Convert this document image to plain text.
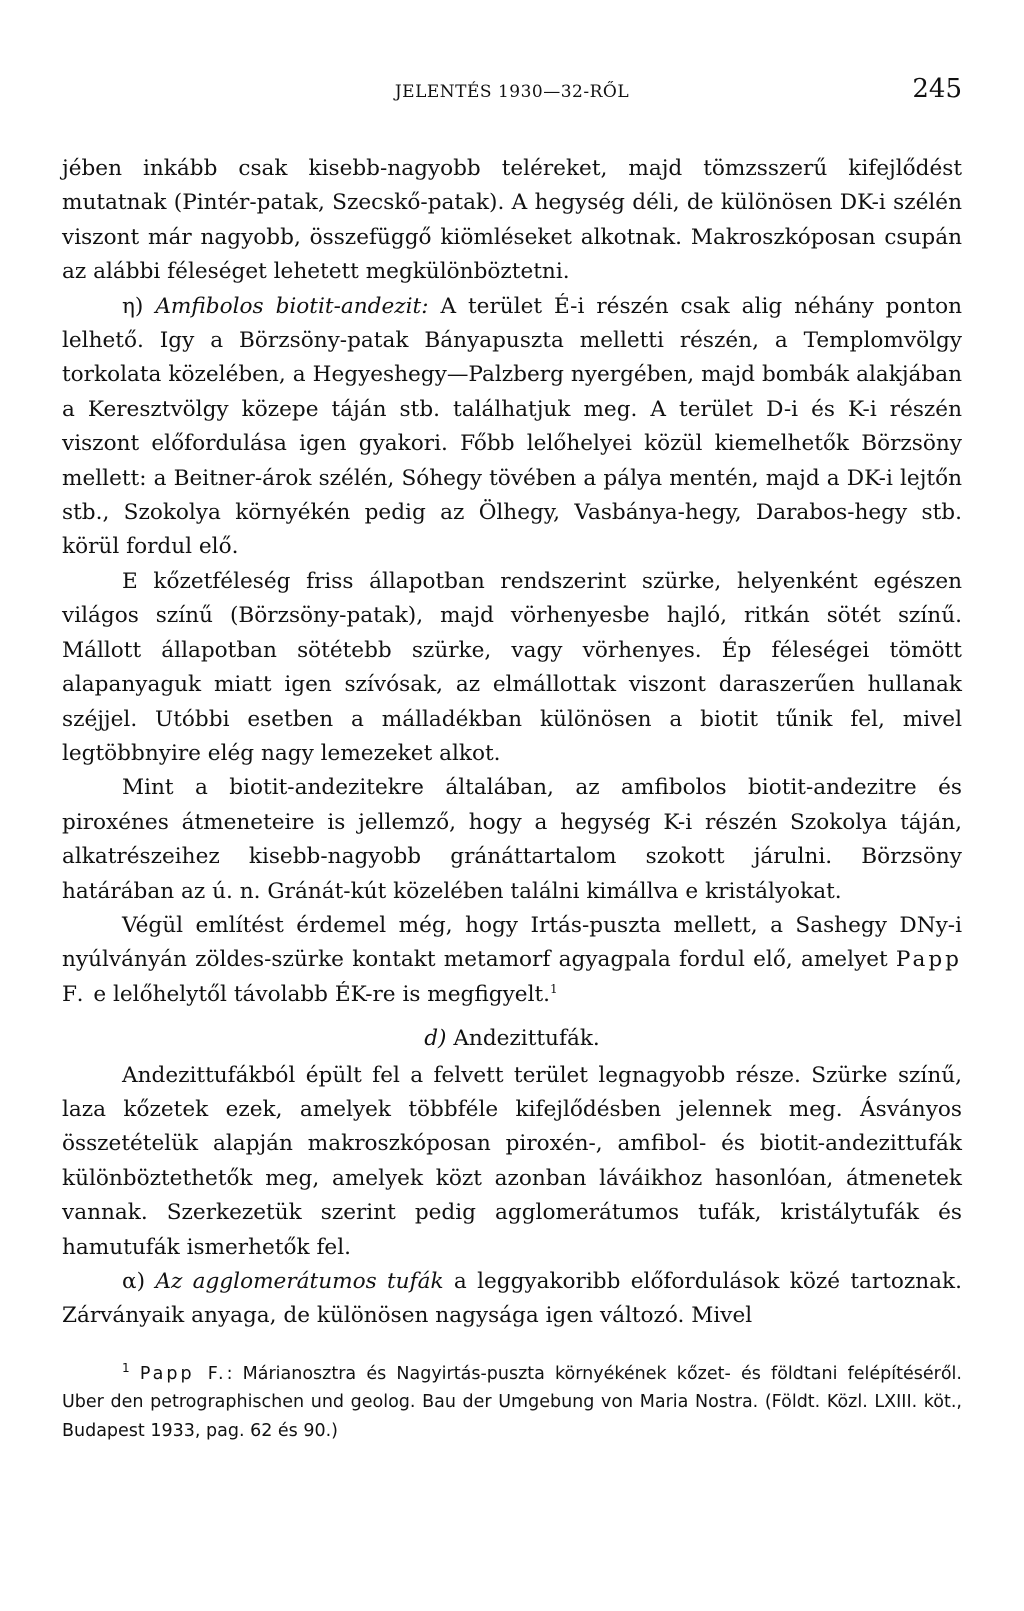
JELENTÉS 1930—32-RŐL	245

jében inkább csak kisebb-nagyobb teléreket, majd tömzsszerű kifejlődést mutatnak (Pintér-patak, Szecskő-patak). A hegység déli, de különösen DK-i szélén viszont már nagyobb, összefüggő kiömléseket alkotnak. Makroszkóposan csupán az alábbi féleséget lehetett megkülönböztetni.

η) Amfibolos biotit-andezit: A terület É-i részén csak alig néhány ponton lelhető. Igy a Börzsöny-patak Bányapuszta melletti részén, a Templomvölgy torkolata közelében, a Hegyeshegy—Palzberg nyergében, majd bombák alakjában a Keresztvölgy közepe táján stb. találhatjuk meg. A terület D-i és K-i részén viszont előfordulása igen gyakori. Főbb lelőhelyei közül kiemelhetők Börzsöny mellett: a Beitner-árok szélén, Sóhegy tövében a pálya mentén, majd a DK-i lejtőn stb., Szokolya környékén pedig az Ölhegy, Vasbánya-hegy, Darabos-hegy stb. körül fordul elő.

E kőzetféleség friss állapotban rendszerint szürke, helyenként egészen világos színű (Börzsöny-patak), majd vörhenyesbe hajló, ritkán sötét színű. Mállott állapotban sötétebb szürke, vagy vörhenyes. Ép féleségei tömött alapanyaguk miatt igen szívósak, az elmállottak viszont daraszerűen hullanak széjjel. Utóbbi esetben a málladékban különösen a biotit tűnik fel, mivel legtöbbnyire elég nagy lemezeket alkot.

Mint a biotit-andezitekre általában, az amfibolos biotit-andezitre és piroxénes átmeneteire is jellemző, hogy a hegység K-i részén Szokolya táján, alkatrészeihez kisebb-nagyobb gránáttartalom szokott járulni. Börzsöny határában az ú. n. Gránát-kút közelében találni kimállva e kristályokat.

Végül említést érdemel még, hogy Irtás-puszta mellett, a Sashegy DNy-i nyúlványán zöldes-szürke kontakt metamorf agyagpala fordul elő, amelyet Papp F. e lelőhelytől távolabb ÉK-re is megfigyelt.$^1$

d) Andezittufák.

Andezittufákból épült fel a felvett terület legnagyobb része. Szürke színű, laza kőzetek ezek, amelyek többféle kifejlődésben jelennek meg. Ásványos összetételük alapján makroszkóposan piroxén-, amfibol- és biotit-andezittufák különböztethetők meg, amelyek közt azonban láváikhoz hasonlóan, átmenetek vannak. Szerkezetük szerint pedig agglomerátumos tufák, kristálytufák és hamutufák ismerhetők fel.

α) Az agglomerátumos tufák a leggyakoribb előfordulások közé tartoznak. Zárványaik anyaga, de különösen nagysága igen változó. Mivel

$^1$ Papp F.: Márianosztra és Nagyirtás-puszta környékének kőzet- és földtani felépítéséről. Uber den petrographischen und geolog. Bau der Umgebung von Maria Nostra. (Földt. Közl. LXIII. köt., Budapest 1933, pag. 62 és 90.)
